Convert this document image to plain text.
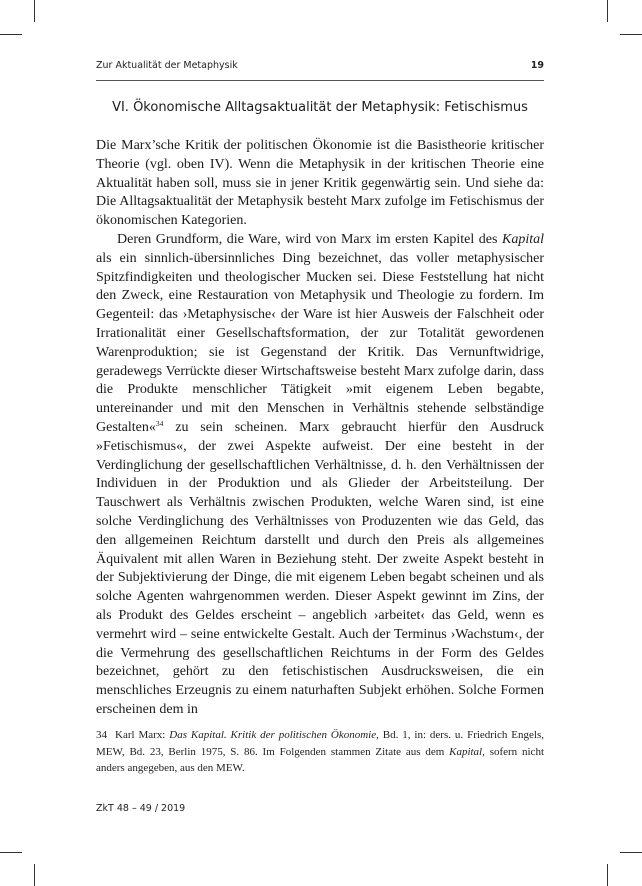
Zur Aktualität der Metaphysik	19
VI. Ökonomische Alltagsaktualität der Metaphysik: Fetischismus

Die Marx’sche Kritik der politischen Ökonomie ist die Basistheorie kritischer Theorie (vgl. oben IV). Wenn die Metaphysik in der kritischen Theorie eine Aktualität haben soll, muss sie in jener Kritik gegenwärtig sein. Und siehe da: Die Alltagsaktualität der Metaphysik besteht Marx zufolge im Fetischismus der ökonomischen Kategorien.

Deren Grundform, die Ware, wird von Marx im ersten Kapitel des Kapital als ein sinnlich-übersinnliches Ding bezeichnet, das voller metaphysischer Spitzfindigkeiten und theologischer Mucken sei. Diese Feststellung hat nicht den Zweck, eine Restauration von Metaphysik und Theologie zu fordern. Im Gegenteil: das ›Metaphysische‹ der Ware ist hier Ausweis der Falschheit oder Irrationalität einer Gesellschaftsformation, der zur Totalität gewordenen Warenproduktion; sie ist Gegenstand der Kritik. Das Vernunftwidrige, geradewegs Verrückte dieser Wirtschaftsweise besteht Marx zufolge darin, dass die Produkte menschlicher Tätigkeit »mit eigenem Leben begabte, untereinander und mit den Menschen in Verhältnis stehende selbständige Gestalten«$^{34}$ zu sein scheinen. Marx gebraucht hierfür den Ausdruck »Fetischismus«, der zwei Aspekte aufweist. Der eine besteht in der Verdinglichung der gesellschaftlichen Verhältnisse, d. h. den Verhältnissen der Individuen in der Produktion und als Glieder der Arbeitsteilung. Der Tauschwert als Verhältnis zwischen Produkten, welche Waren sind, ist eine solche Verdinglichung des Verhältnisses von Produzenten wie das Geld, das den allgemeinen Reichtum darstellt und durch den Preis als allgemeines Äquivalent mit allen Waren in Beziehung steht. Der zweite Aspekt besteht in der Subjektivierung der Dinge, die mit eigenem Leben begabt scheinen und als solche Agenten wahrgenommen werden. Dieser Aspekt gewinnt im Zins, der als Produkt des Geldes erscheint – angeblich ›arbeitet‹ das Geld, wenn es vermehrt wird – seine entwickelte Gestalt. Auch der Terminus ›Wachstum‹, der die Vermehrung des gesellschaftlichen Reichtums in der Form des Geldes bezeichnet, gehört zu den fetischistischen Ausdrucksweisen, die ein menschliches Erzeugnis zu einem naturhaften Subjekt erhöhen. Solche Formen erscheinen dem in

34 Karl Marx: Das Kapital. Kritik der politischen Ökonomie, Bd. 1, in: ders. u. Friedrich Engels, MEW, Bd. 23, Berlin 1975, S. 86. Im Folgenden stammen Zitate aus dem Kapital, sofern nicht anders angegeben, aus den MEW.
ZkT 48 – 49 / 2019
